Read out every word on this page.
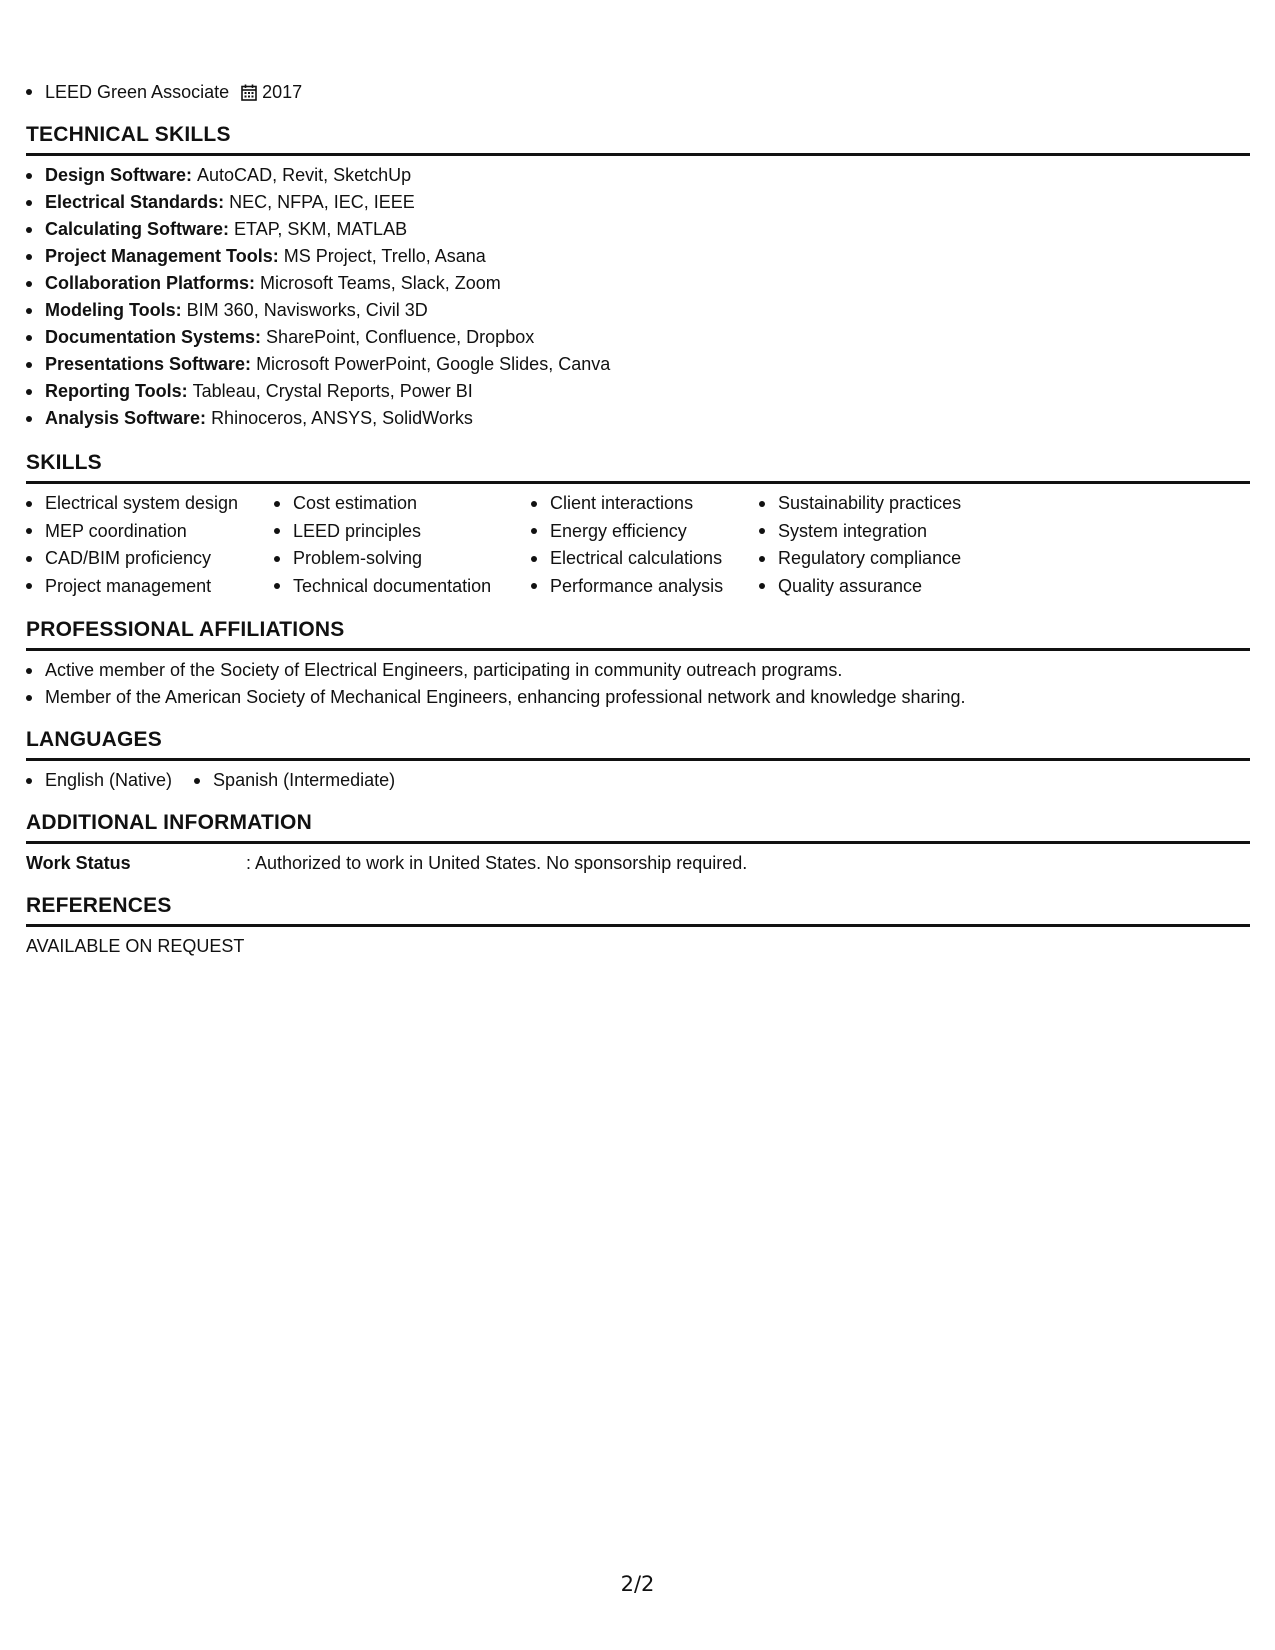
LEED Green Associate 2017
TECHNICAL SKILLS
Design Software: AutoCAD, Revit, SketchUp
Electrical Standards: NEC, NFPA, IEC, IEEE
Calculating Software: ETAP, SKM, MATLAB
Project Management Tools: MS Project, Trello, Asana
Collaboration Platforms: Microsoft Teams, Slack, Zoom
Modeling Tools: BIM 360, Navisworks, Civil 3D
Documentation Systems: SharePoint, Confluence, Dropbox
Presentations Software: Microsoft PowerPoint, Google Slides, Canva
Reporting Tools: Tableau, Crystal Reports, Power BI
Analysis Software: Rhinoceros, ANSYS, SolidWorks
SKILLS
Electrical system design
MEP coordination
CAD/BIM proficiency
Project management
Cost estimation
LEED principles
Problem-solving
Technical documentation
Client interactions
Energy efficiency
Electrical calculations
Performance analysis
Sustainability practices
System integration
Regulatory compliance
Quality assurance
PROFESSIONAL AFFILIATIONS
Active member of the Society of Electrical Engineers, participating in community outreach programs.
Member of the American Society of Mechanical Engineers, enhancing professional network and knowledge sharing.
LANGUAGES
English (Native) Spanish (Intermediate)
ADDITIONAL INFORMATION
Work Status	: Authorized to work in United States. No sponsorship required.
REFERENCES
AVAILABLE ON REQUEST
2/2
